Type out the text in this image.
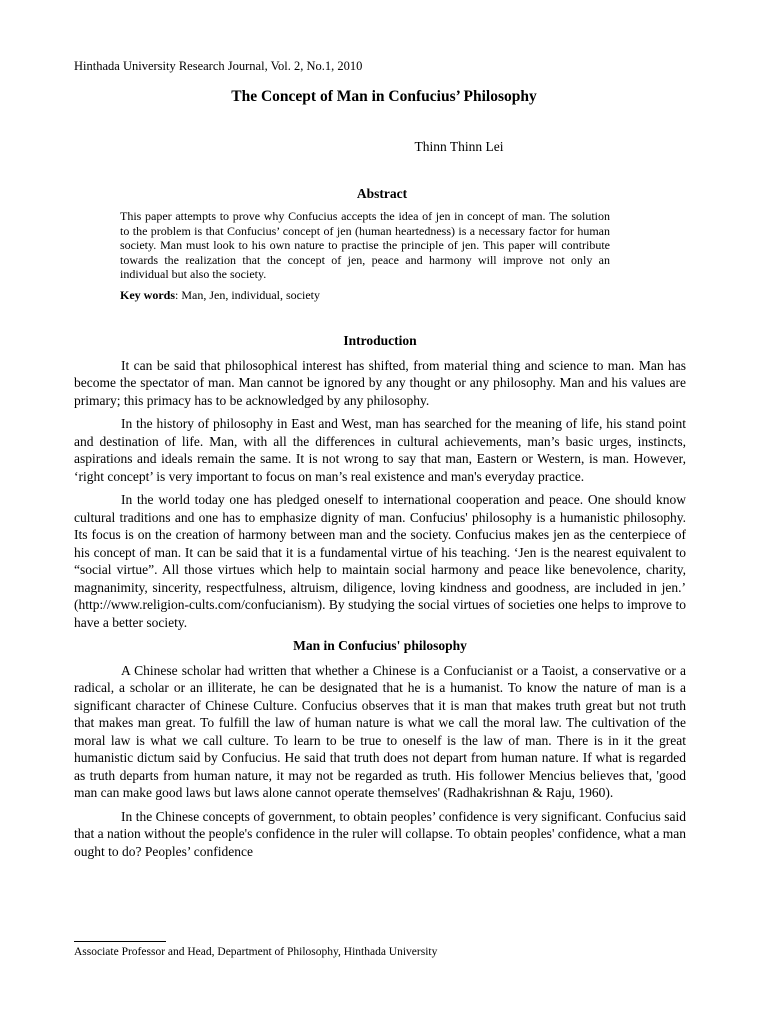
Hinthada University Research Journal, Vol. 2, No.1, 2010
The Concept of Man in Confucius’ Philosophy
Thinn Thinn Lei
Abstract
This paper attempts to prove why Confucius accepts the idea of jen in concept of man. The solution to the problem is that Confucius’ concept of jen (human heartedness) is a necessary factor for human society. Man must look to his own nature to practise the principle of jen. This paper will contribute towards the realization that the concept of jen, peace and harmony will improve not only an individual but also the society.
Key words: Man, Jen, individual, society
Introduction

It can be said that philosophical interest has shifted, from material thing and science to man. Man has become the spectator of man. Man cannot be ignored by any thought or any philosophy. Man and his values are primary; this primacy has to be acknowledged by any philosophy.

In the history of philosophy in East and West, man has searched for the meaning of life, his stand point and destination of life. Man, with all the differences in cultural achievements, man’s basic urges, instincts, aspirations and ideals remain the same. It is not wrong to say that man, Eastern or Western, is man. However, ‘right concept’ is very important to focus on man’s real existence and man's everyday practice.

In the world today one has pledged oneself to international cooperation and peace. One should know cultural traditions and one has to emphasize dignity of man. Confucius' philosophy is a humanistic philosophy. Its focus is on the creation of harmony between man and the society. Confucius makes jen as the centerpiece of his concept of man. It can be said that it is a fundamental virtue of his teaching. ‘Jen is the nearest equivalent to “social virtue”. All those virtues which help to maintain social harmony and peace like benevolence, charity, magnanimity, sincerity, respectfulness, altruism, diligence, loving kindness and goodness, are included in jen.’ (http://www.religion-cults.com/confucianism). By studying the social virtues of societies one helps to improve to have a better society.

Man in Confucius' philosophy

A Chinese scholar had written that whether a Chinese is a Confucianist or a Taoist, a conservative or a radical, a scholar or an illiterate, he can be designated that he is a humanist. To know the nature of man is a significant character of Chinese Culture. Confucius observes that it is man that makes truth great but not truth that makes man great. To fulfill the law of human nature is what we call the moral law. The cultivation of the moral law is what we call culture. To learn to be true to oneself is the law of man. There is in it the great humanistic dictum said by Confucius. He said that truth does not depart from human nature. If what is regarded as truth departs from human nature, it may not be regarded as truth. His follower Mencius believes that, 'good man can make good laws but laws alone cannot operate themselves' (Radhakrishnan & Raju, 1960).

In the Chinese concepts of government, to obtain peoples’ confidence is very significant. Confucius said that a nation without the people's confidence in the ruler will collapse. To obtain peoples' confidence, what a man ought to do? Peoples’ confidence

Associate Professor and Head, Department of Philosophy, Hinthada University
